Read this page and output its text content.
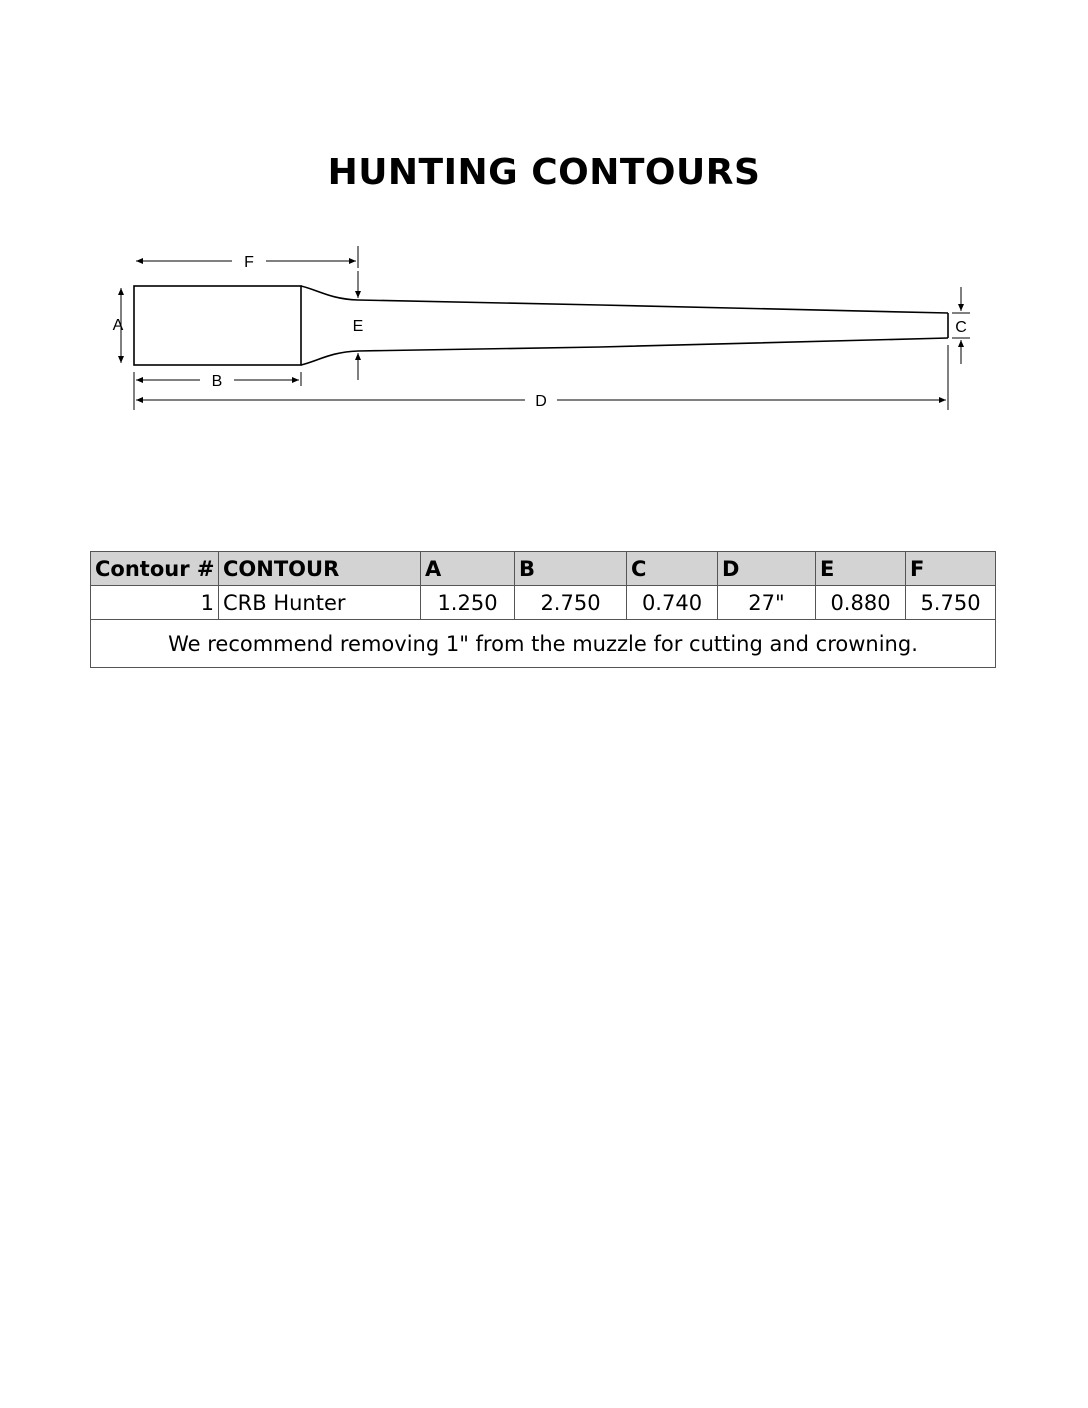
HUNTING CONTOURS
F
A	E	C
B
D
Contour #	CONTOUR	A	B	C	D	E	F
1	CRB Hunter	1.250	2.750	0.740	27"	0.880	5.750
We recommend removing 1" from the muzzle for cutting and crowning.							
